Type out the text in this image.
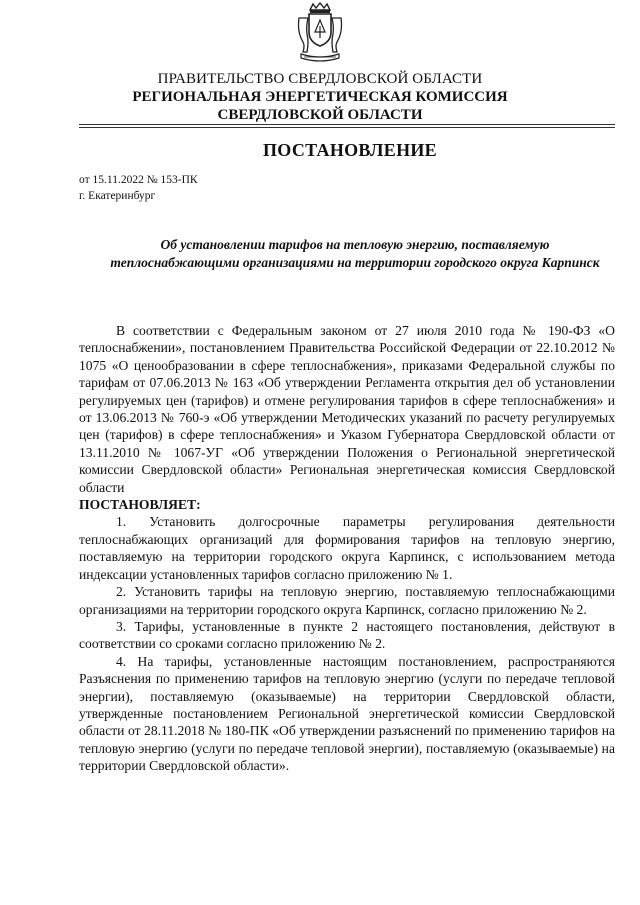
ПРАВИТЕЛЬСТВО СВЕРДЛОВСКОЙ ОБЛАСТИ
РЕГИОНАЛЬНАЯ ЭНЕРГЕТИЧЕСКАЯ КОМИССИЯ
СВЕРДЛОВСКОЙ ОБЛАСТИ
ПОСТАНОВЛЕНИЕ
от 15.11.2022 № 153-ПК
г. Екатеринбург
Об установлении тарифов на тепловую энергию, поставляемую теплоснабжающими организациями на территории городского округа Карпинск

В соответствии с Федеральным законом от 27 июля 2010 года № 190-ФЗ «О теплоснабжении», постановлением Правительства Российской Федерации от 22.10.2012 № 1075 «О ценообразовании в сфере теплоснабжения», приказами Федеральной службы по тарифам от 07.06.2013 № 163 «Об утверждении Регламента открытия дел об установлении регулируемых цен (тарифов) и отмене регулирования тарифов в сфере теплоснабжения» и от 13.06.2013 № 760-э «Об утверждении Методических указаний по расчету регулируемых цен (тарифов) в сфере теплоснабжения» и Указом Губернатора Свердловской области от 13.11.2010 № 1067-УГ «Об утверждении Положения о Региональной энергетической комиссии Свердловской области» Региональная энергетическая комиссия Свердловской области

ПОСТАНОВЛЯЕТ:

1. Установить долгосрочные параметры регулирования деятельности теплоснабжающих организаций для формирования тарифов на тепловую энергию, поставляемую на территории городского округа Карпинск, с использованием метода индексации установленных тарифов согласно приложению № 1.

2. Установить тарифы на тепловую энергию, поставляемую теплоснабжающими организациями на территории городского округа Карпинск, согласно приложению № 2.

3. Тарифы, установленные в пункте 2 настоящего постановления, действуют в соответствии со сроками согласно приложению № 2.

4. На тарифы, установленные настоящим постановлением, распространяются Разъяснения по применению тарифов на тепловую энергию (услуги по передаче тепловой энергии), поставляемую (оказываемые) на территории Свердловской области, утвержденные постановлением Региональной энергетической комиссии Свердловской области от 28.11.2018 № 180-ПК «Об утверждении разъяснений по применению тарифов на тепловую энергию (услуги по передаче тепловой энергии), поставляемую (оказываемые) на территории Свердловской области».
